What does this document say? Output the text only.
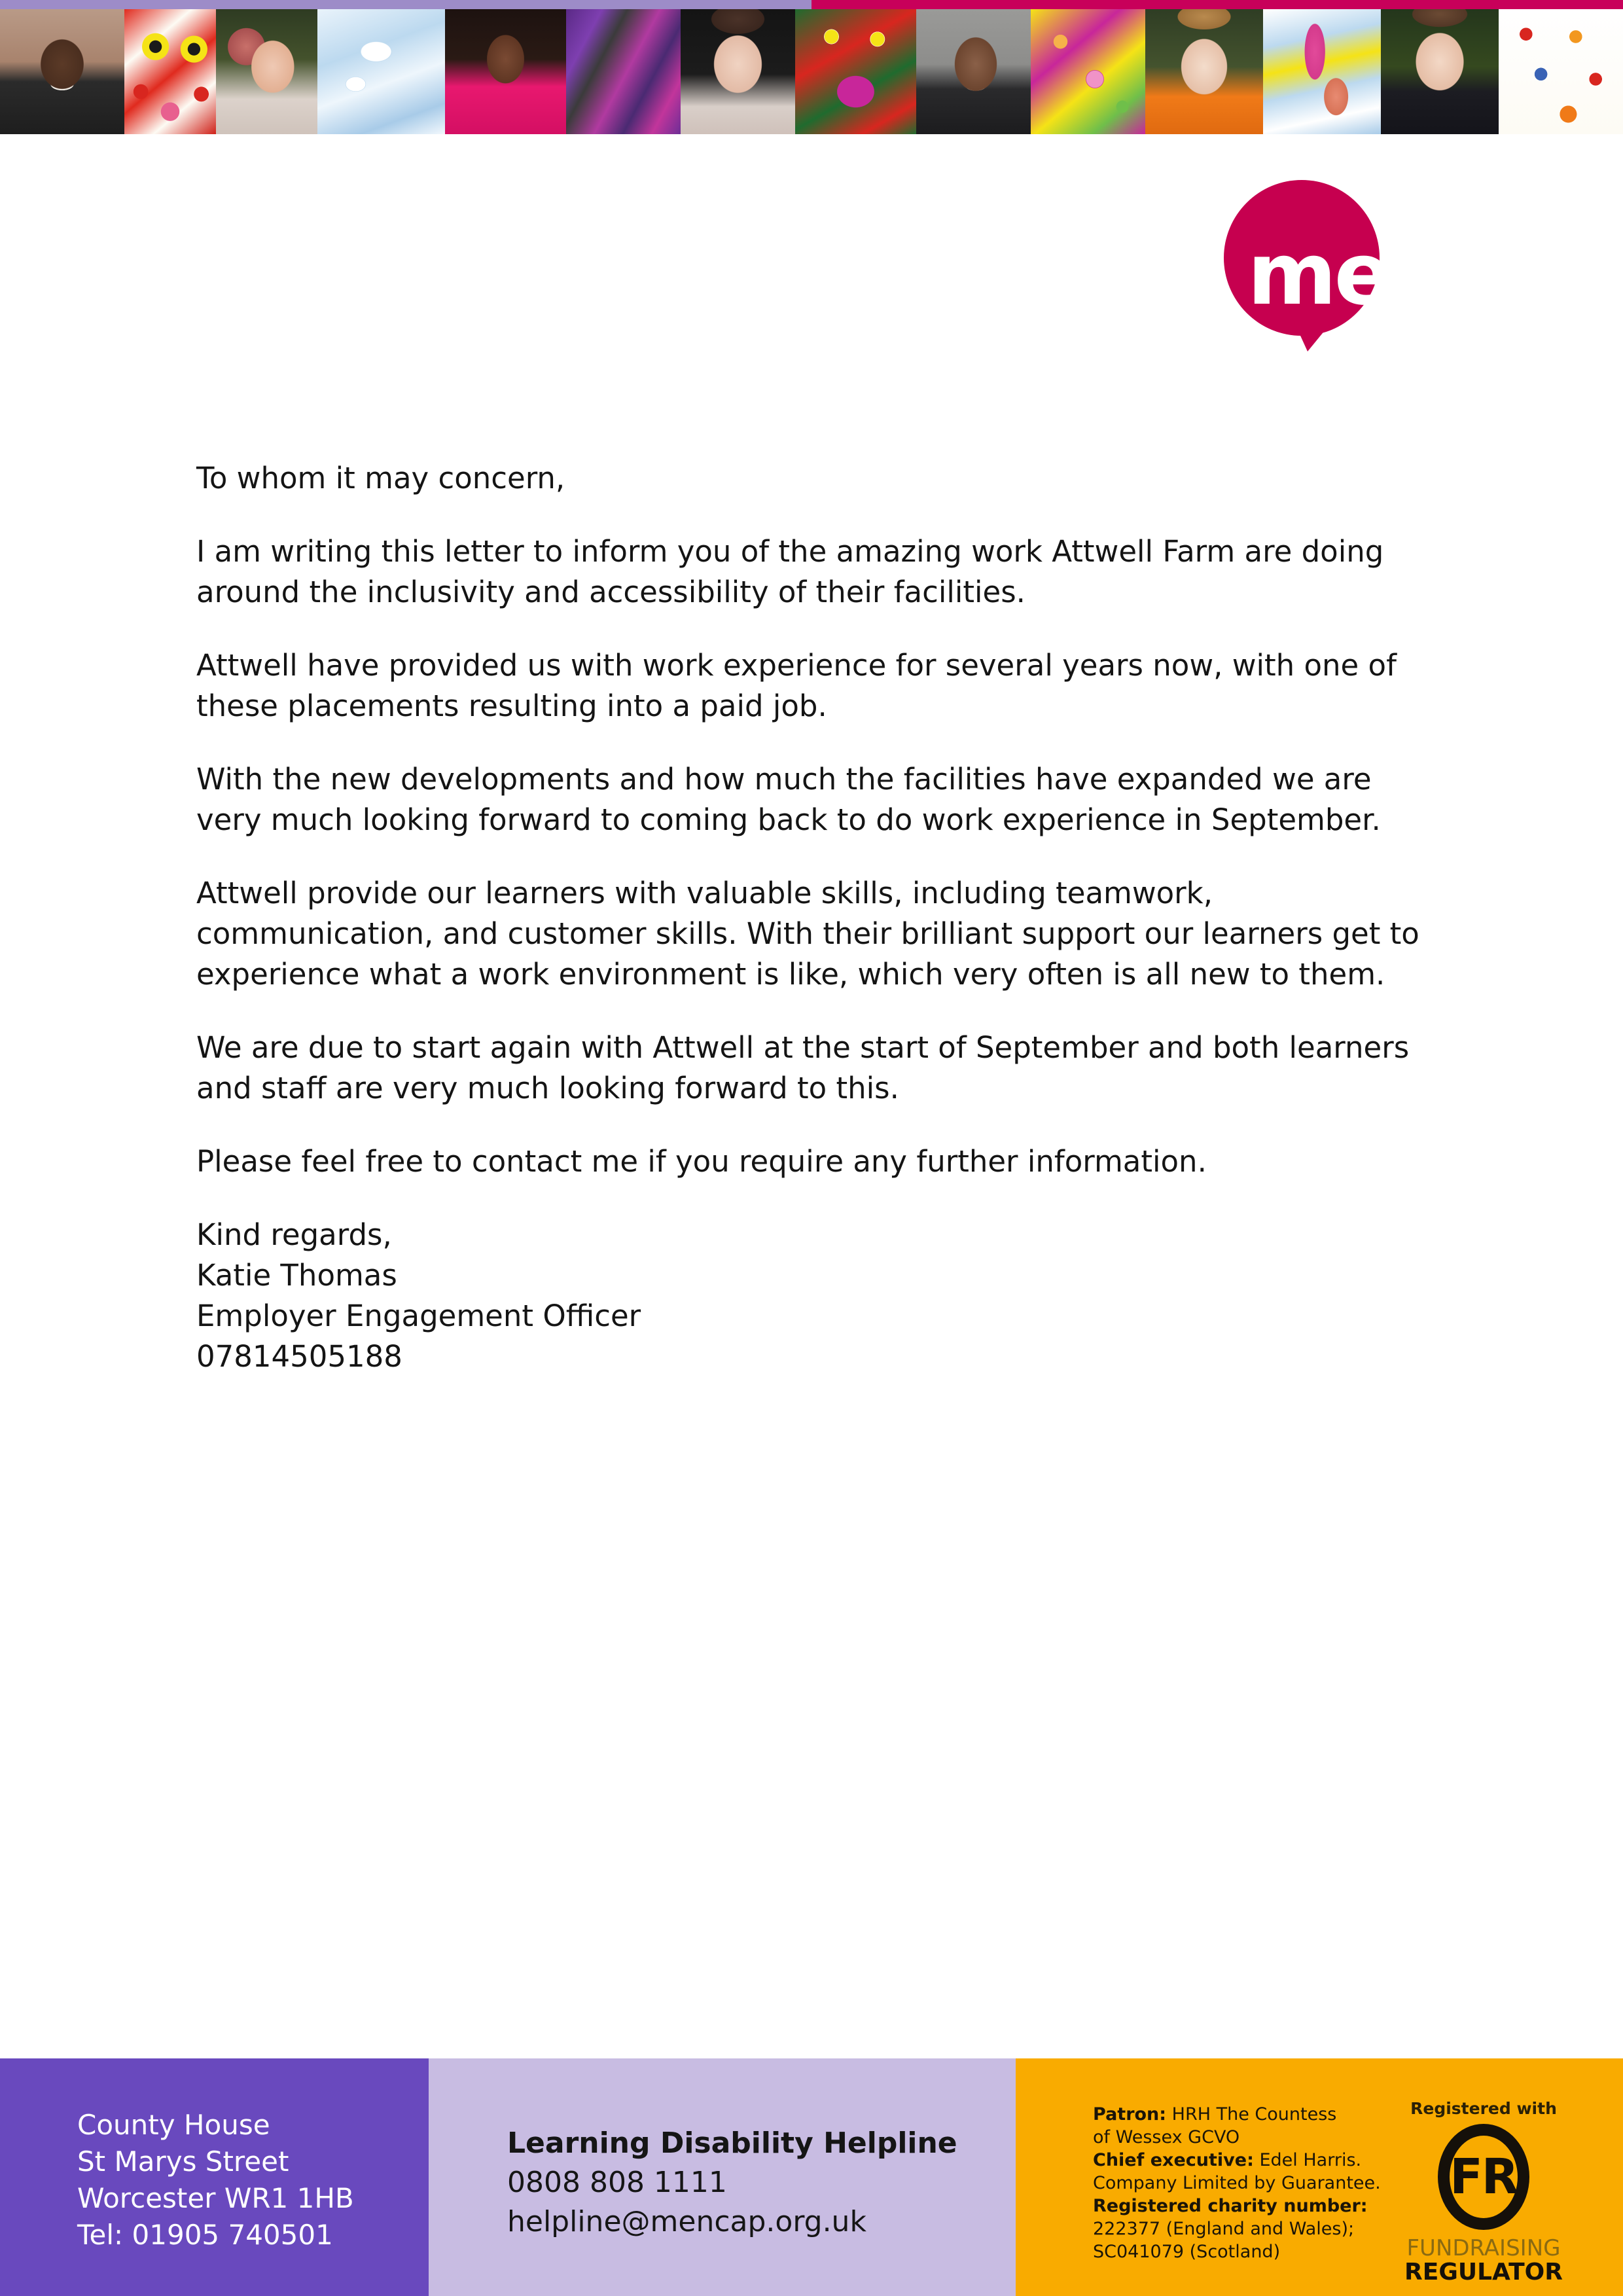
mencap

To whom it may concern,

I am writing this letter to inform you of the amazing work Attwell Farm are doing around the inclusivity and accessibility of their facilities.

Attwell have provided us with work experience for several years now, with one of these placements resulting into a paid job.

With the new developments and how much the facilities have expanded we are very much looking forward to coming back to do work experience in September.

Attwell provide our learners with valuable skills, including teamwork, communication, and customer skills. With their brilliant support our learners get to experience what a work environment is like, which very often is all new to them.

We are due to start again with Attwell at the start of September and both learners and staff are very much looking forward to this.

Please feel free to contact me if you require any further information.

Kind regards,
Katie Thomas
Employer Engagement Officer
07814505188
County House
St Marys Street
Worcester WR1 1HB
Tel: 01905 740501
Learning Disability Helpline
0808 808 1111
helpline@mencap.org.uk
Patron: HRH The Countess
of Wessex GCVO
Chief executive: Edel Harris.
Company Limited by Guarantee.
Registered charity number:
222377 (England and Wales);
SC041079 (Scotland)
Registered with
FR
FUNDRAISING
REGULATOR
